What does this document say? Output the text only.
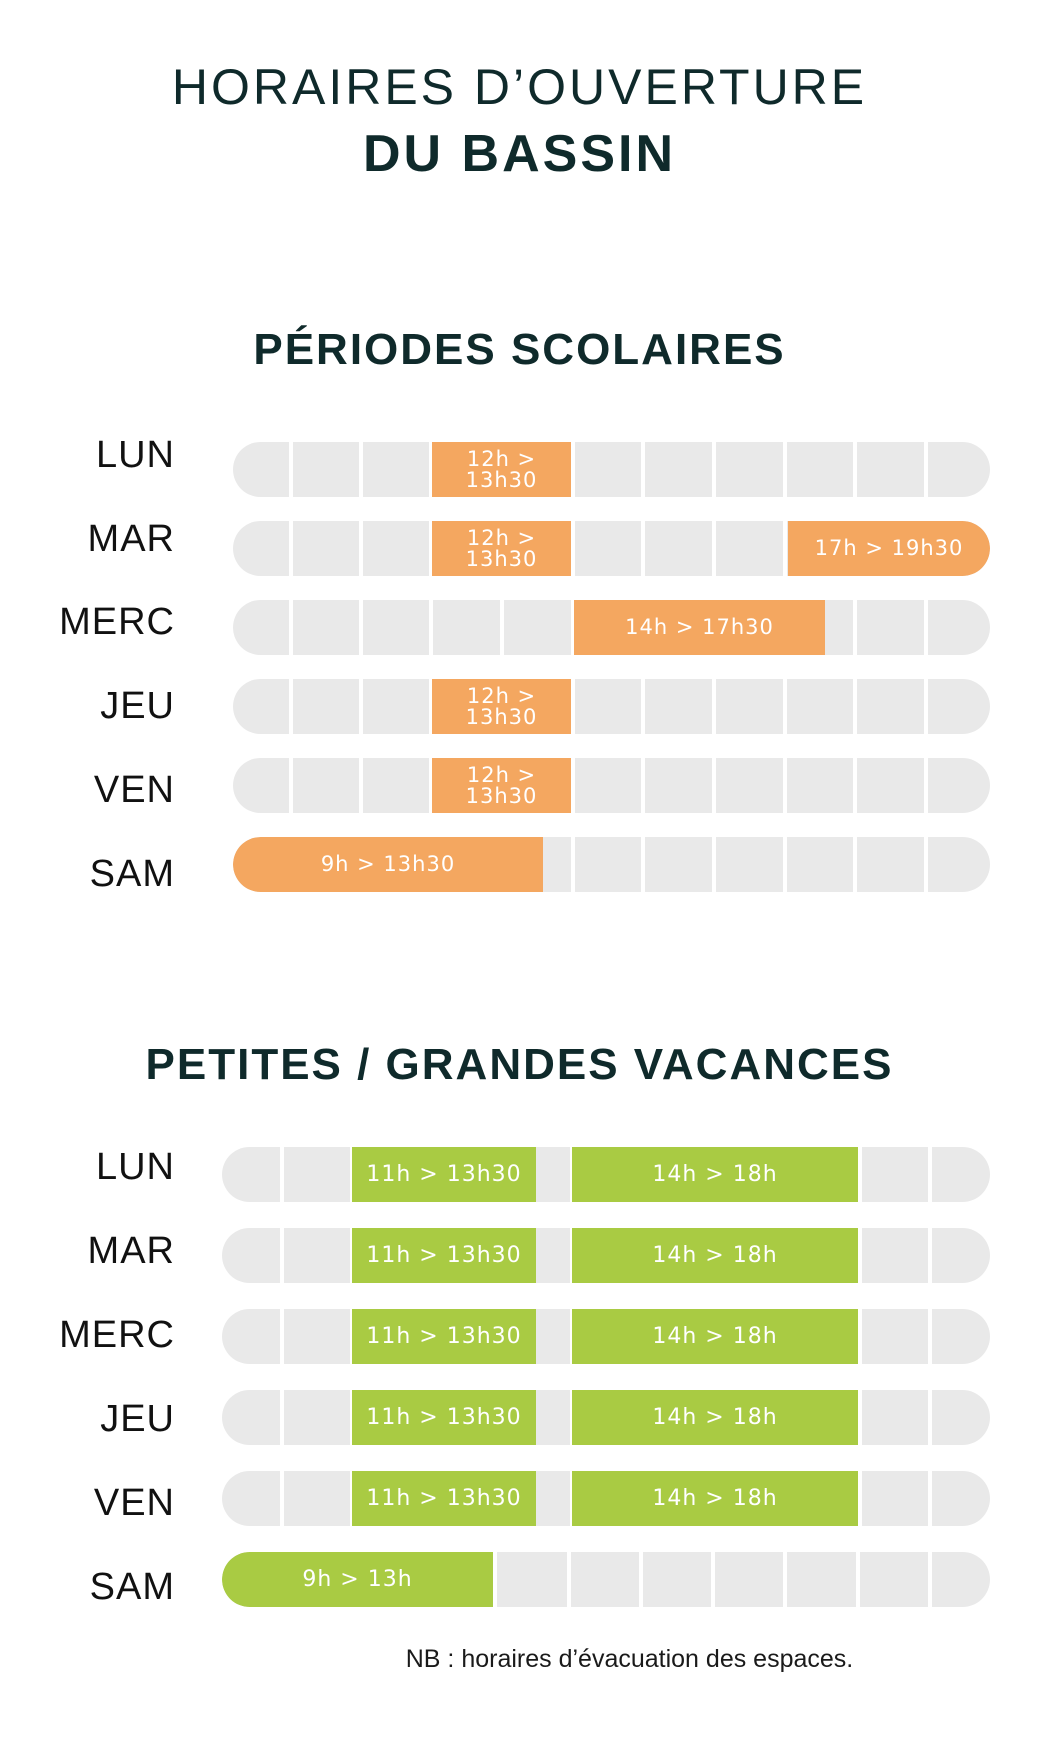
HORAIRES D’OUVERTURE
DU BASSIN
PÉRIODES SCOLAIRES
LUN	12h > 13h30
MAR	12h > 13h30	17h > 19h30
MERC	14h > 17h30
JEU	12h > 13h30
VEN	12h > 13h30
SAM	9h > 13h30
PETITES / GRANDES VACANCES
LUN	11h > 13h30	14h > 18h
MAR	11h > 13h30	14h > 18h
MERC	11h > 13h30	14h > 18h
JEU	11h > 13h30	14h > 18h
VEN	11h > 13h30	14h > 18h
SAM	9h > 13h
NB : horaires d’évacuation des espaces.
